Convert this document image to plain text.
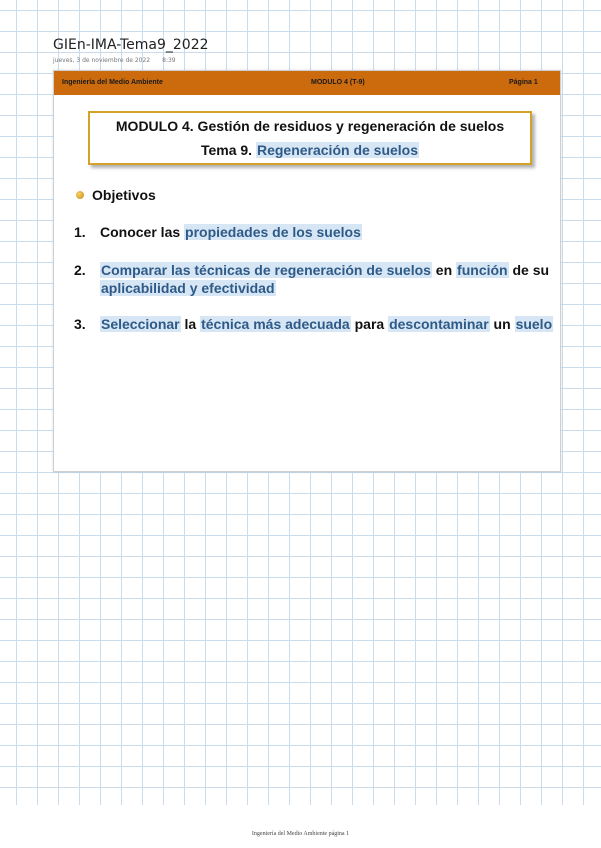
GIEn-IMA-Tema9_2022
jueves, 3 de noviembre de 2022 8:39
Ingeniería del Medio Ambiente	MODULO 4 (T-9)	Página 1
MODULO 4. Gestión de residuos y regeneración de suelos
Tema 9. Regeneración de suelos
Objetivos
1.	Conocer las propiedades de los suelos
2.	Comparar las técnicas de regeneración de suelos en función de su aplicabilidad y efectividad
3.	Seleccionar la técnica más adecuada para descontaminar un suelo
Ingeniería del Medio Ambiente página 1
